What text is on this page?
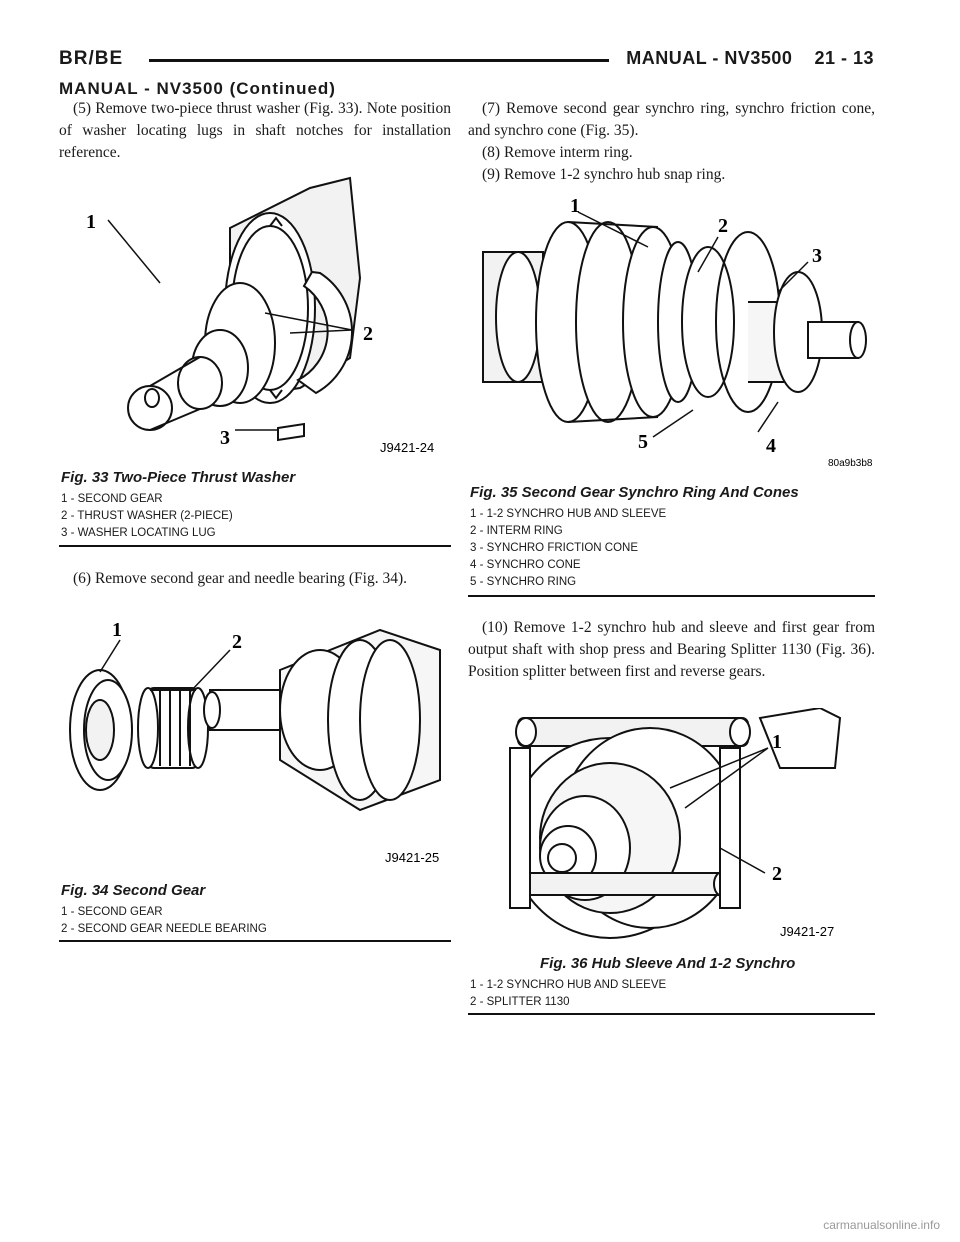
BR/BE	MANUAL - NV3500 21 - 13
MANUAL - NV3500 (Continued)

(5) Remove two-piece thrust washer (Fig. 33). Note position of washer locating lugs in shaft notches for installation reference.

1
2
3	J9421-24
Fig. 33 Two-Piece Thrust Washer
1 - SECOND GEAR
2 - THRUST WASHER (2-PIECE)
3 - WASHER LOCATING LUG

(6) Remove second gear and needle bearing (Fig. 34).

1
2
J9421-25
Fig. 34 Second Gear
1 - SECOND GEAR
2 - SECOND GEAR NEEDLE BEARING

(7) Remove second gear synchro ring, synchro friction cone, and synchro cone (Fig. 35).

(8) Remove interm ring.

(9) Remove 1-2 synchro hub snap ring.

1
2
3
4
5
80a9b3b8
Fig. 35 Second Gear Synchro Ring And Cones
1 - 1-2 SYNCHRO HUB AND SLEEVE
2 - INTERM RING
3 - SYNCHRO FRICTION CONE
4 - SYNCHRO CONE
5 - SYNCHRO RING

(10) Remove 1-2 synchro hub and sleeve and first gear from output shaft with shop press and Bearing Splitter 1130 (Fig. 36). Position splitter between first and reverse gears.

1
2
J9421-27
Fig. 36 Hub Sleeve And 1-2 Synchro
1 - 1-2 SYNCHRO HUB AND SLEEVE
2 - SPLITTER 1130
carmanualsonline.info
